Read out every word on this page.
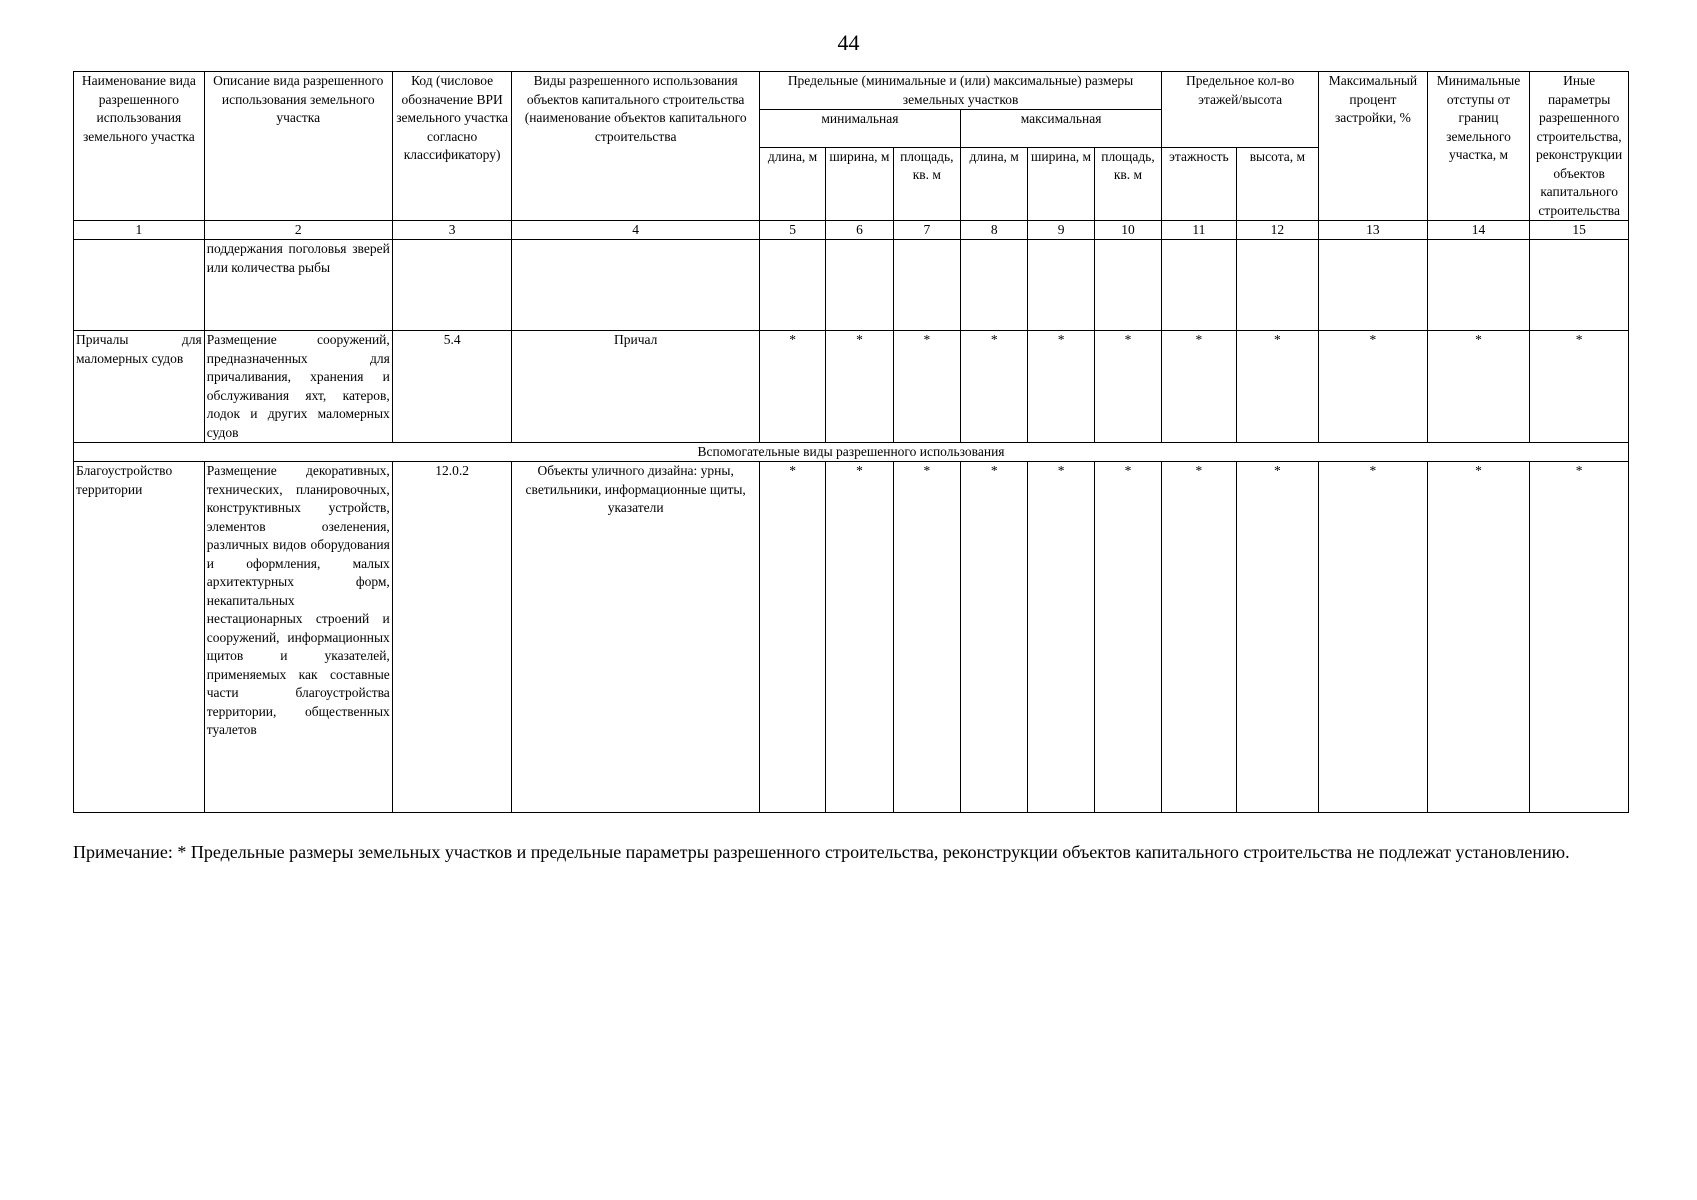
44
Наименование вида разрешенного использования земельного участка	Описание вида разрешенного использования земельного участка	Код (числовое обозначение ВРИ земельного участка согласно классификатору)	Виды разрешенного использования объектов капитального строительства (наименование объектов капитального строительства	Предельные (минимальные и (или) максимальные) размеры земельных участков						Предельное кол-во этажей/высота		Максимальный процент застройки, %	Минимальные отступы от границ земельного участка, м	Иные параметры разрешенного строительства, реконструкции объектов капитального строительства
				минимальная			максимальная							
				длина, м	ширина, м	площадь, кв. м	длина, м	ширина, м	площадь, кв. м	этажность	высота, м			
1	2	3	4	5	6	7	8	9	10	11	12	13	14	15
	поддержания поголовья зверей или количества рыбы													
Причалы для маломерных судов	Размещение сооружений, предназначенных для причаливания, хранения и обслуживания яхт, катеров, лодок и других маломерных судов	5.4	Причал	*	*	*	*	*	*	*	*	*	*	*
Вспомогательные виды разрешенного использования														
Благоустройство территории	Размещение декоративных, технических, планировочных, конструктивных устройств, элементов озеленения, различных видов оборудования и оформления, малых архитектурных форм, некапитальных нестационарных строений и сооружений, информационных щитов и указателей, применяемых как составные части благоустройства территории, общественных туалетов	12.0.2	Объекты уличного дизайна: урны, светильники, информационные щиты, указатели	*	*	*	*	*	*	*	*	*	*	*
Примечание: * Предельные размеры земельных участков и предельные параметры разрешенного строительства, реконструкции объектов капитального строительства не подлежат установлению.
